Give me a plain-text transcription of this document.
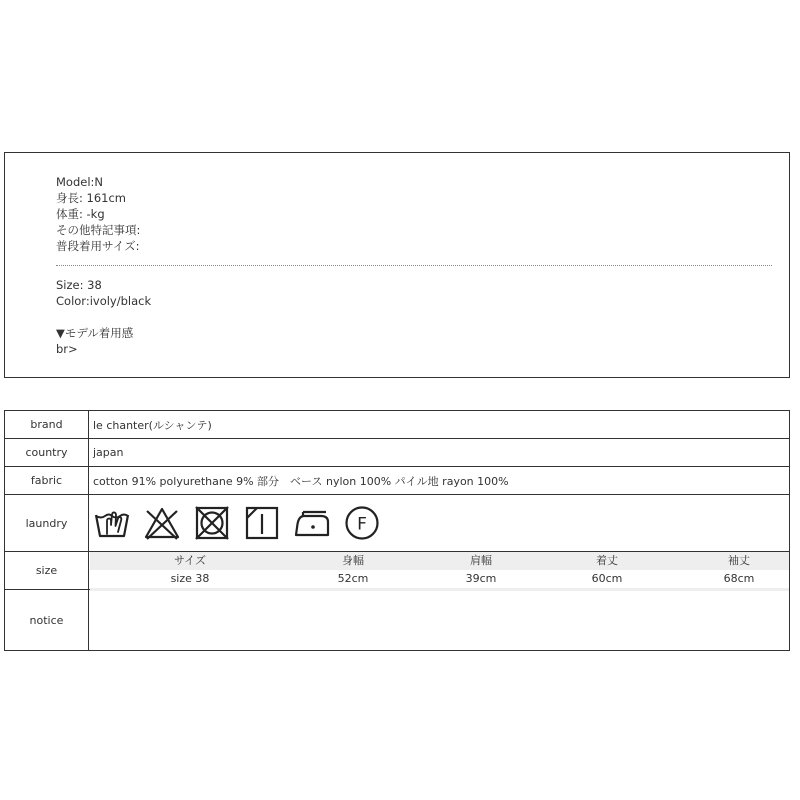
Model:N
身長: 161cm
体重: -kg
その他特記事項:
普段着用サイズ:
Size: 38
Color:ivoly/black
▼モデル着用感
br>
brand	le chanter(ルシャンテ)
country	japan
fabric	cotton 91% polyurethane 9% 部分　ベース nylon 100% パイル地 rayon 100%
laundry	F
size
サイズ	身幅	肩幅	着丈	袖丈
size 38	52cm	39cm	60cm	68cm
notice
